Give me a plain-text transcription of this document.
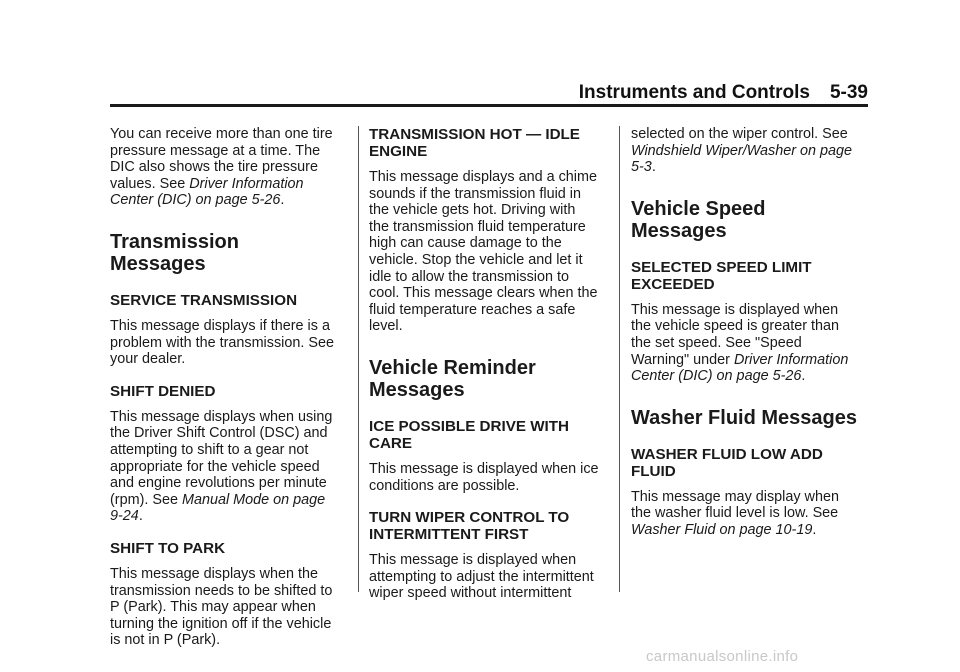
Instruments and Controls 5-39

You can receive more than one tire pressure message at a time. The DIC also shows the tire pressure values. See Driver Information Center (DIC) on page 5-26.

Transmission Messages
SERVICE TRANSMISSION

This message displays if there is a problem with the transmission. See your dealer.

SHIFT DENIED

This message displays when using the Driver Shift Control (DSC) and attempting to shift to a gear not appropriate for the vehicle speed and engine revolutions per minute (rpm). See Manual Mode on page 9-24.

SHIFT TO PARK

This message displays when the transmission needs to be shifted to P (Park). This may appear when turning the ignition off if the vehicle is not in P (Park).

TRANSMISSION HOT — IDLE ENGINE

This message displays and a chime sounds if the transmission fluid in the vehicle gets hot. Driving with the transmission fluid temperature high can cause damage to the vehicle. Stop the vehicle and let it idle to allow the transmission to cool. This message clears when the fluid temperature reaches a safe level.

Vehicle Reminder Messages
ICE POSSIBLE DRIVE WITH CARE

This message is displayed when ice conditions are possible.

TURN WIPER CONTROL TO INTERMITTENT FIRST

This message is displayed when attempting to adjust the intermittent wiper speed without intermittent

selected on the wiper control. See Windshield Wiper/Washer on page 5-3.

Vehicle Speed Messages
SELECTED SPEED LIMIT EXCEEDED

This message is displayed when the vehicle speed is greater than the set speed. See "Speed Warning" under Driver Information Center (DIC) on page 5-26.

Washer Fluid Messages
WASHER FLUID LOW ADD FLUID

This message may display when the washer fluid level is low. See Washer Fluid on page 10-19.

carmanualsonline.info
